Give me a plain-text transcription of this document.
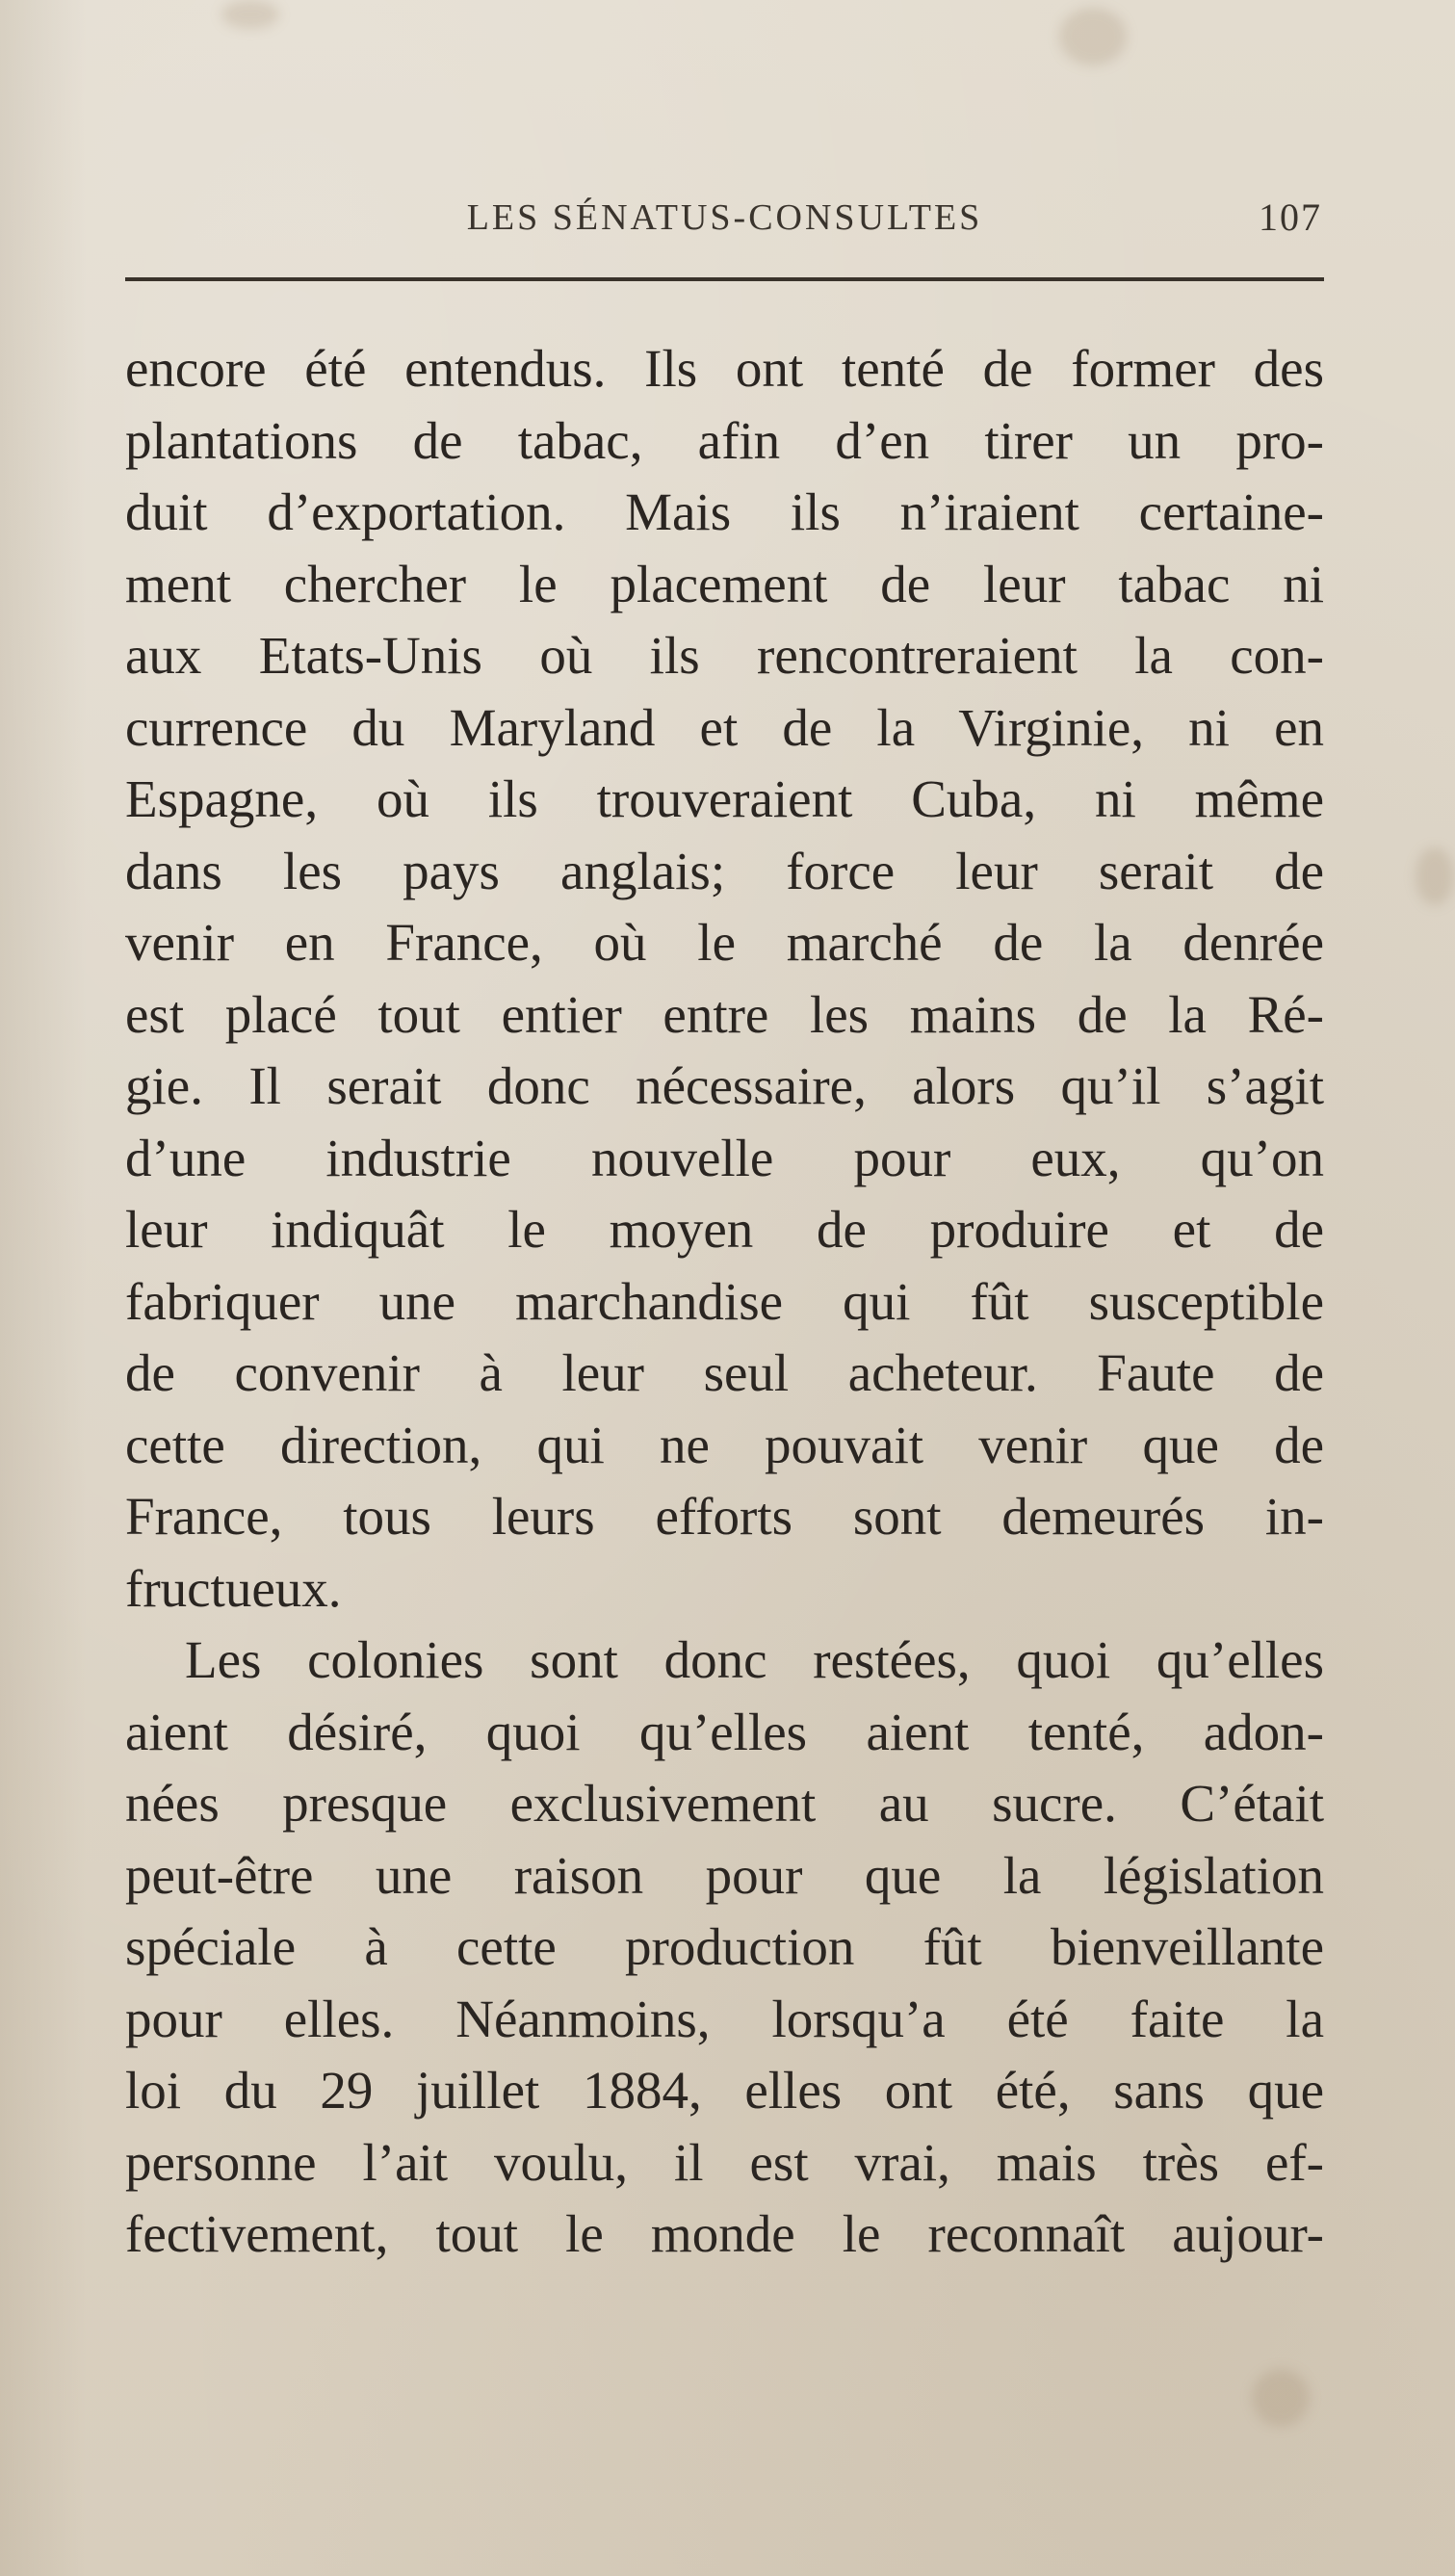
LES SÉNATUS-CONSULTES	107
encore été entendus. Ils ont tenté de former des
plantations de tabac, afin d’en tirer un pro-
duit d’exportation. Mais ils n’iraient certaine-
ment chercher le placement de leur tabac ni
aux Etats-Unis où ils rencontreraient la con-
currence du Maryland et de la Virginie, ni en
Espagne, où ils trouveraient Cuba, ni même
dans les pays anglais; force leur serait de
venir en France, où le marché de la denrée
est placé tout entier entre les mains de la Ré-
gie. Il serait donc nécessaire, alors qu’il s’agit
d’une industrie nouvelle pour eux, qu’on
leur indiquât le moyen de produire et de
fabriquer une marchandise qui fût susceptible
de convenir à leur seul acheteur. Faute de
cette direction, qui ne pouvait venir que de
France, tous leurs efforts sont demeurés in-
fructueux.
Les colonies sont donc restées, quoi qu’elles
aient désiré, quoi qu’elles aient tenté, adon-
nées presque exclusivement au sucre. C’était
peut-être une raison pour que la législation
spéciale à cette production fût bienveillante
pour elles. Néanmoins, lorsqu’a été faite la
loi du 29 juillet 1884, elles ont été, sans que
personne l’ait voulu, il est vrai, mais très ef-
fectivement, tout le monde le reconnaît aujour-
